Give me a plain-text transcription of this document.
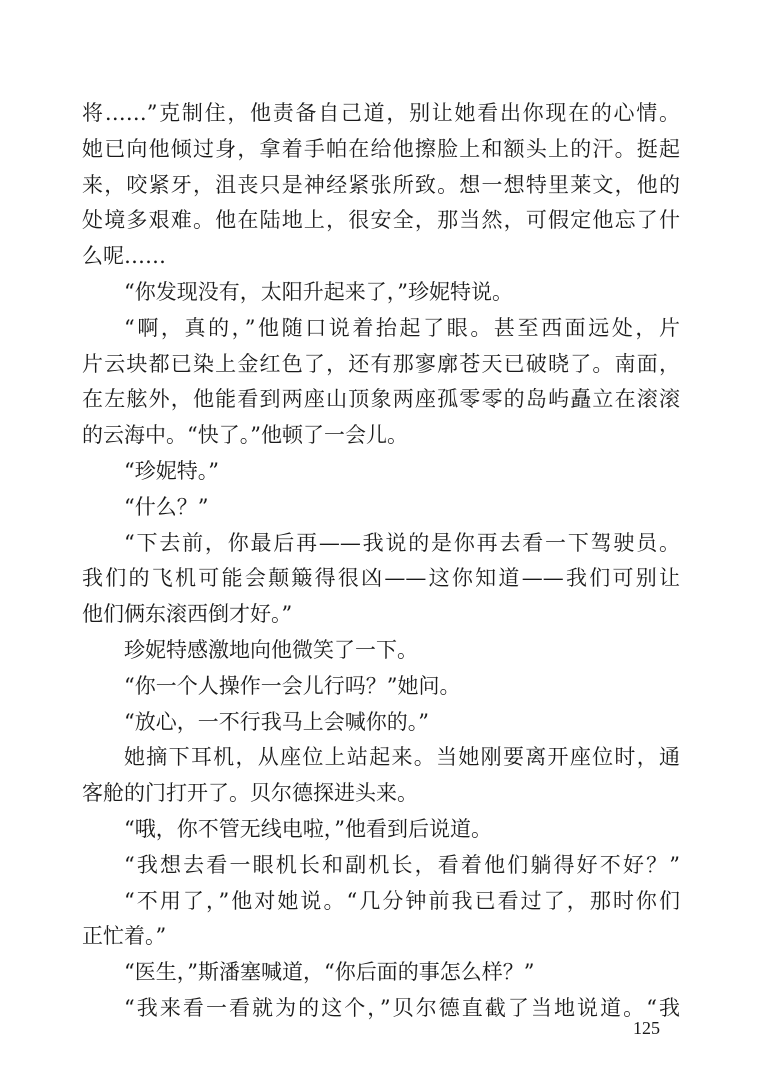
将……”克制住，他责备自己道，别让她看出你现在的心情。
她已向他倾过身，拿着手帕在给他擦脸上和额头上的汗。挺起
来，咬紧牙，沮丧只是神经紧张所致。想一想特里莱文，他的
处境多艰难。他在陆地上，很安全，那当然，可假定他忘了什
么呢……
“你发现没有，太阳升起来了，”珍妮特说。
“啊，真的，”他随口说着抬起了眼。甚至西面远处，片
片云块都已染上金红色了，还有那寥廓苍天已破晓了。南面，
在左舷外，他能看到两座山顶象两座孤零零的岛屿矗立在滚滚
的云海中。“快了。”他顿了一会儿。
“珍妮特。”
“什么？”
“下去前，你最后再——我说的是你再去看一下驾驶员。
我们的飞机可能会颠簸得很凶——这你知道——我们可别让
他们俩东滚西倒才好。”
珍妮特感激地向他微笑了一下。
“你一个人操作一会儿行吗？”她问。
“放心，一不行我马上会喊你的。”
她摘下耳机，从座位上站起来。当她刚要离开座位时，通
客舱的门打开了。贝尔德探进头来。
“哦，你不管无线电啦，”他看到后说道。
“我想去看一眼机长和副机长，看着他们躺得好不好？”
“不用了，”他对她说。“几分钟前我已看过了，那时你们
正忙着。”
“医生，”斯潘塞喊道，“你后面的事怎么样？”
“我来看一看就为的这个，”贝尔德直截了当地说道。“我
125
